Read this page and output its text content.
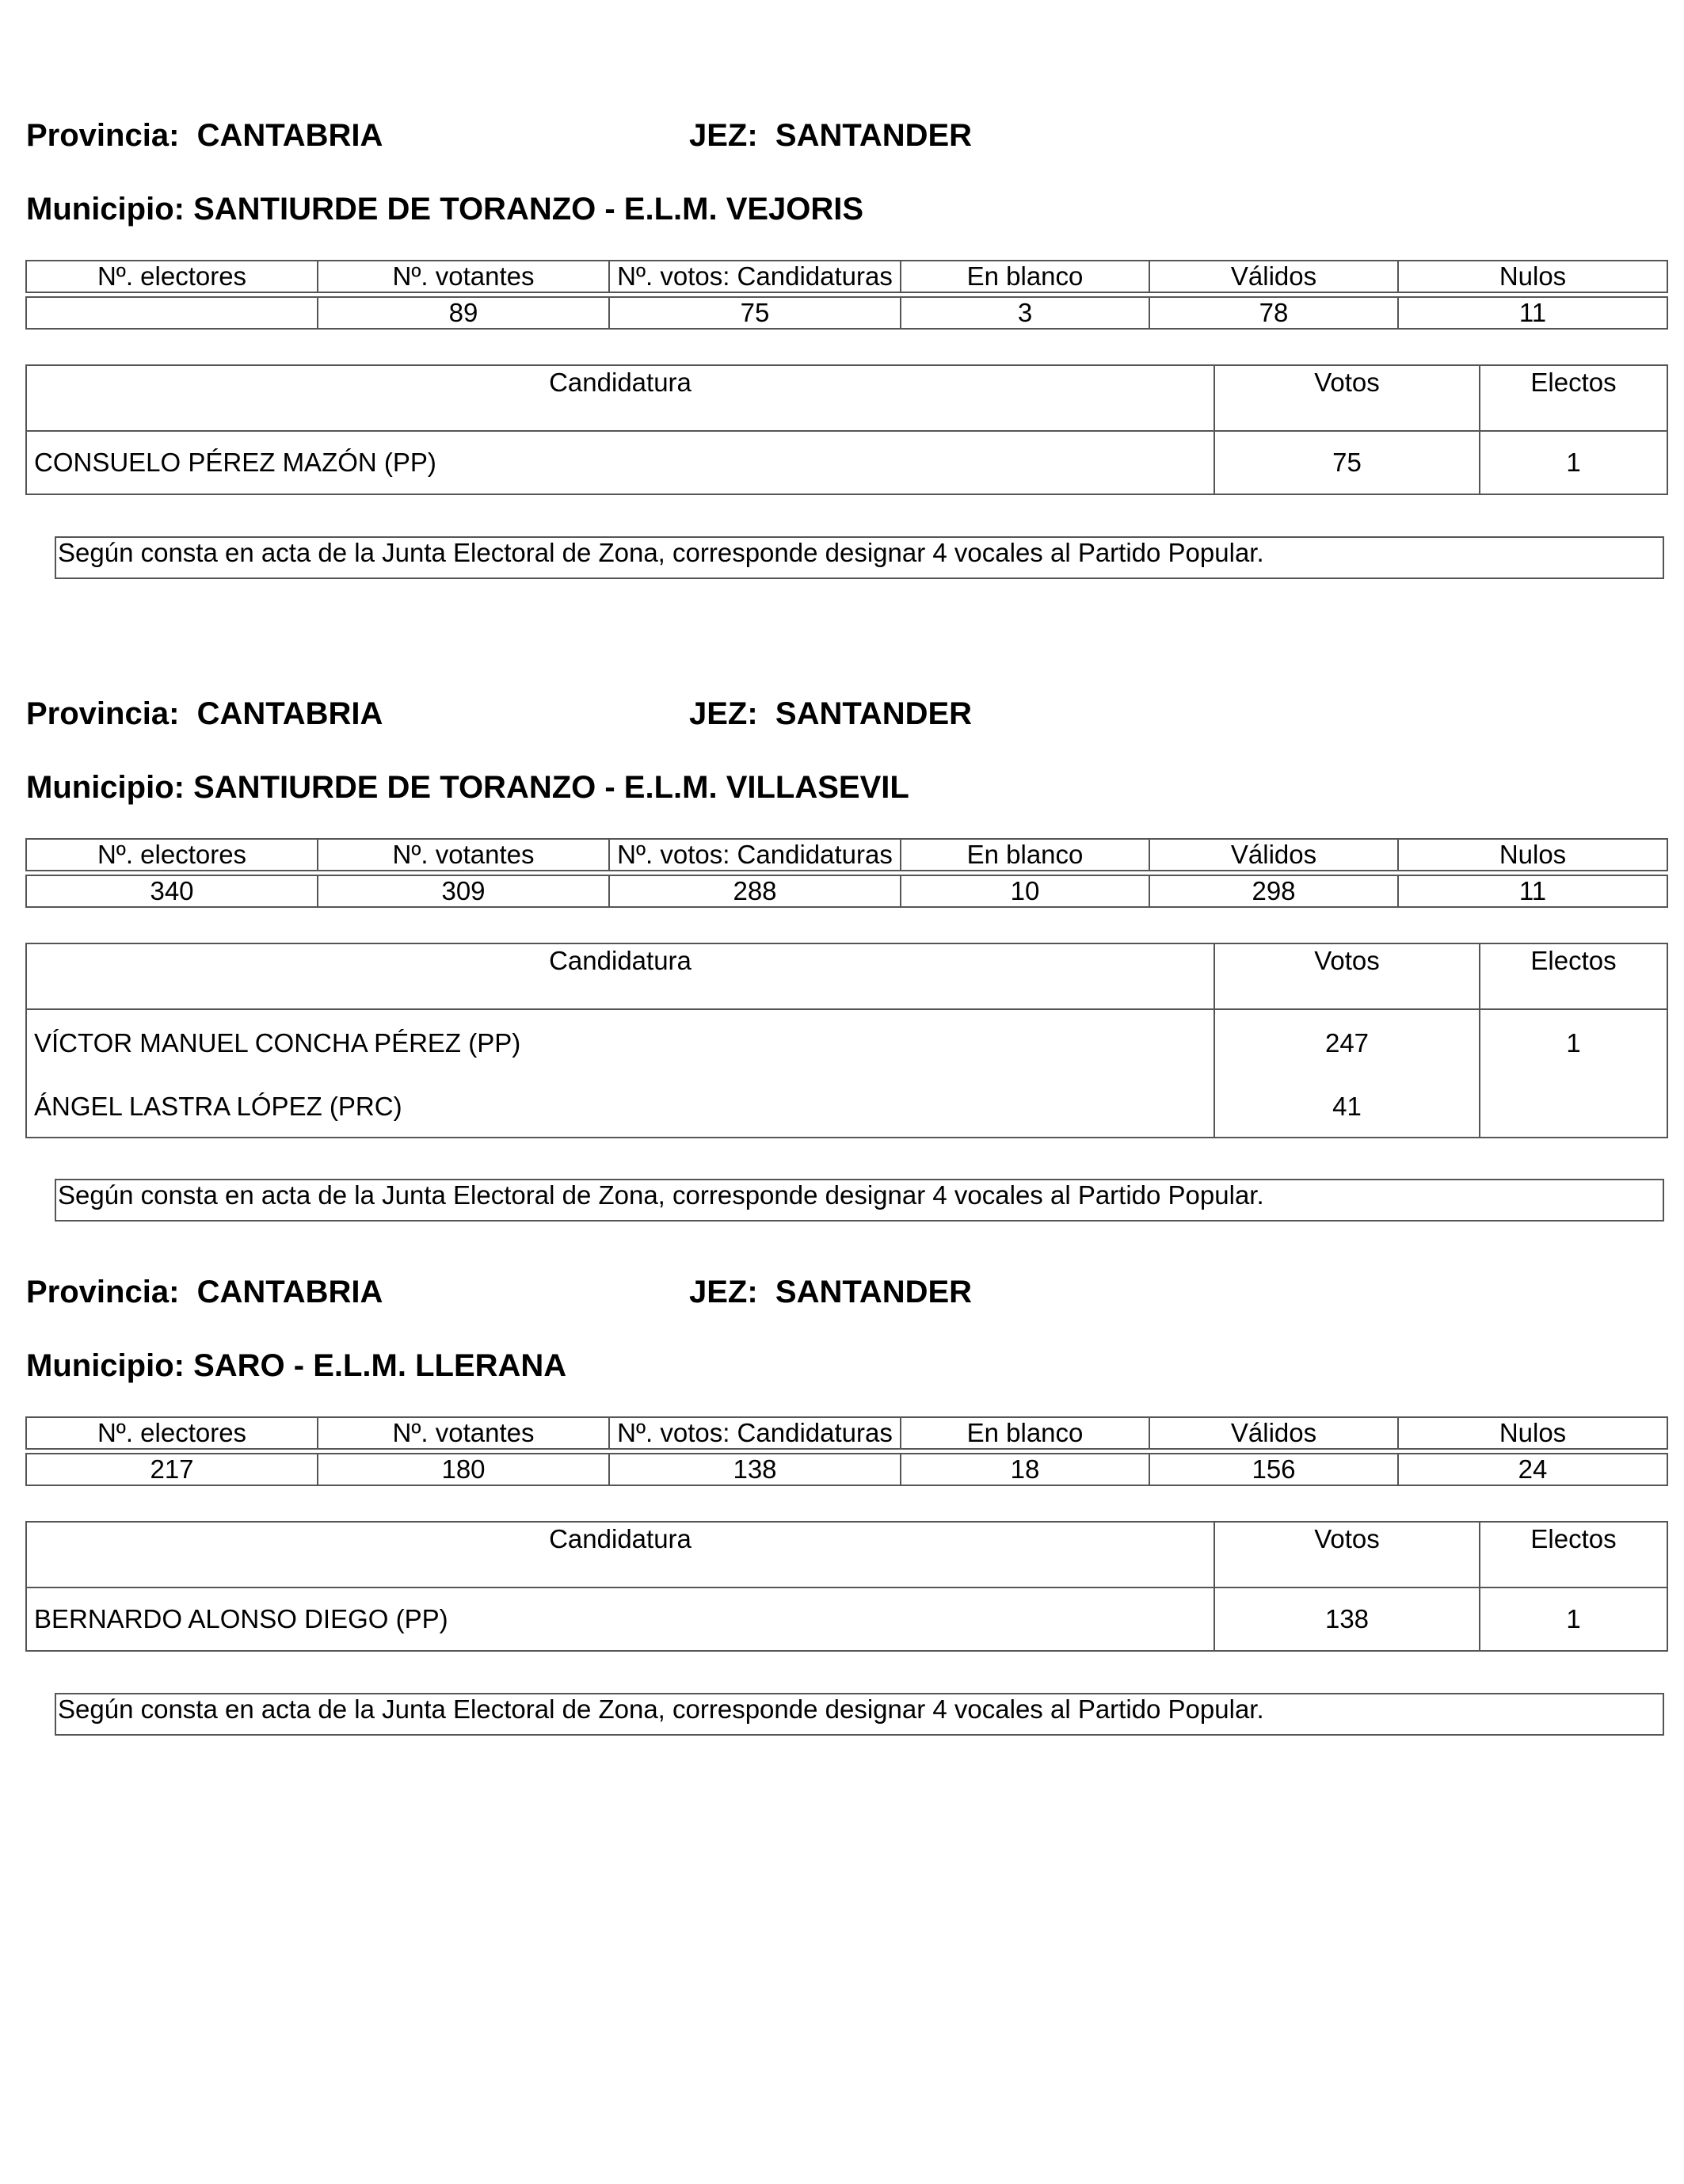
Provincia: CANTABRIA	JEZ: SANTANDER
Municipio: SANTIURDE DE TORANZO - E.L.M. VEJORIS
Nº. electores	Nº. votantes	Nº. votos: Candidaturas	En blanco	Válidos	Nulos

	89	75	3	78	11
Candidatura	Votos	Electos
CONSUELO PÉREZ MAZÓN (PP)	75	1
Según consta en acta de la Junta Electoral de Zona, corresponde designar 4 vocales al Partido Popular.
Provincia: CANTABRIA	JEZ: SANTANDER
Municipio: SANTIURDE DE TORANZO - E.L.M. VILLASEVIL
Nº. electores	Nº. votantes	Nº. votos: Candidaturas	En blanco	Válidos	Nulos

340	309	288	10	298	11
Candidatura	Votos	Electos
VÍCTOR MANUEL CONCHA PÉREZ (PP)	247	1
ÁNGEL LASTRA LÓPEZ (PRC)	41	
Según consta en acta de la Junta Electoral de Zona, corresponde designar 4 vocales al Partido Popular.
Provincia: CANTABRIA	JEZ: SANTANDER
Municipio: SARO - E.L.M. LLERANA
Nº. electores	Nº. votantes	Nº. votos: Candidaturas	En blanco	Válidos	Nulos

217	180	138	18	156	24
Candidatura	Votos	Electos
BERNARDO ALONSO DIEGO (PP)	138	1
Según consta en acta de la Junta Electoral de Zona, corresponde designar 4 vocales al Partido Popular.
